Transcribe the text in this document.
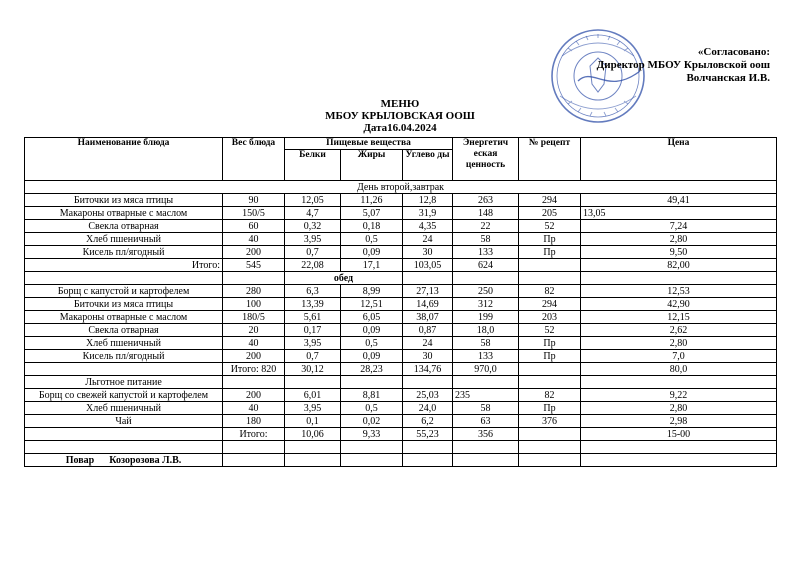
«Согласовано:
Директор МБОУ Крыловской оош
Волчанская И.В.
МЕНЮ
МБОУ КРЫЛОВСКАЯ ООШ
Дата16.04.2024
Наименование блюда	Вес блюда	Пищевые вещества			Энергетич еская ценность	№ рецепт	Цена
		Белки	Жиры	Углево ды			
День второй,завтрак							
Биточки из мяса птицы	90	12,05	11,26	12,8	263	294	49,41
Макароны отварные с маслом	150/5	4,7	5,07	31,9	148	205	13,05
Свекла отварная	60	0,32	0,18	4,35	22	52	7,24
Хлеб пшеничный	40	3,95	0,5	24	58	Пр	2,80
Кисель пл/ягодный	200	0,7	0,09	30	133	Пр	9,50
Итого:	545	22,08	17,1	103,05	624		82,00
		обед					
Борщ с капустой и картофелем	280	6,3	8,99	27,13	250	82	12,53
Биточки из мяса птицы	100	13,39	12,51	14,69	312	294	42,90
Макароны отварные с маслом	180/5	5,61	6,05	38,07	199	203	12,15
Свекла отварная	20	0,17	0,09	0,87	18,0	52	2,62
Хлеб пшеничный	40	3,95	0,5	24	58	Пр	2,80
Кисель пл/ягодный	200	0,7	0,09	30	133	Пр	7,0
	Итого: 820	30,12	28,23	134,76	970,0		80,0
Льготное питание							
Борщ со свежей капустой и картофелем	200	6,01	8,81	25,03	235	82	9,22
Хлеб пшеничный	40	3,95	0,5	24,0	58	Пр	2,80
Чай	180	0,1	0,02	6,2	63	376	2,98
	Итого:	10,06	9,33	55,23	356		15-00

Повар Козорозова Л.В.							
